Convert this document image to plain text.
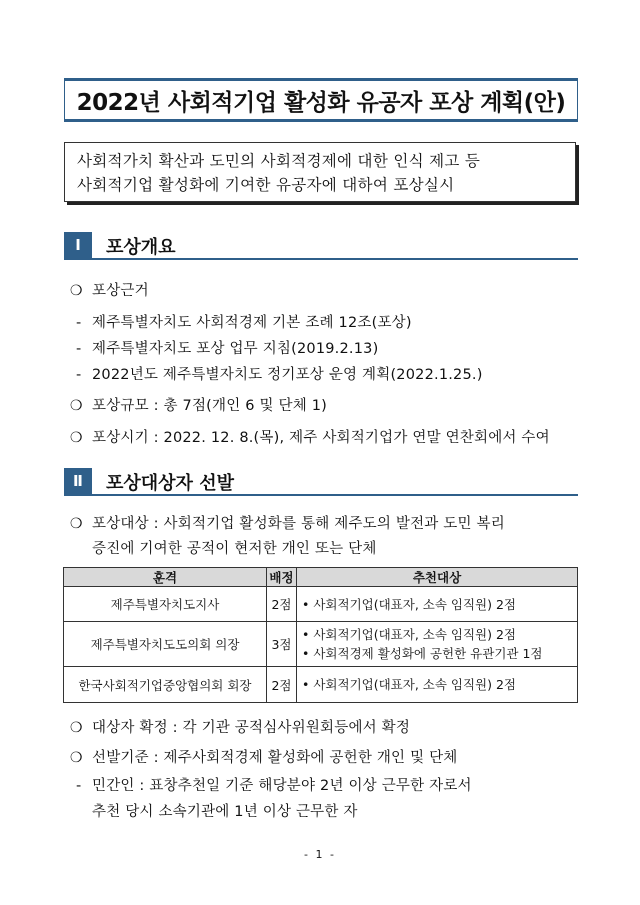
2022년 사회적기업 활성화 유공자 포상 계획(안)
사회적가치 확산과 도민의 사회적경제에 대한 인식 제고 등
사회적기업 활성화에 기여한 유공자에 대하여 포상실시
Ⅰ	포상개요
❍ 포상근거
- 제주특별자치도 사회적경제 기본 조례 12조(포상)
- 제주특별자치도 포상 업무 지침(2019.2.13)
- 2022년도 제주특별자치도 정기포상 운영 계획(2022.1.25.)
❍ 포상규모 : 총 7점(개인 6 및 단체 1)
❍ 포상시기 : 2022. 12. 8.(목), 제주 사회적기업가 연말 연찬회에서 수여
Ⅱ	포상대상자 선발
❍ 포상대상 : 사회적기업 활성화를 통해 제주도의 발전과 도민 복리
증진에 기여한 공적이 현저한 개인 또는 단체
훈격	배정	추천대상
제주특별자치도지사	2점	• 사회적기업(대표자, 소속 임직원) 2점

제주특별자치도도의회 의장	3점	• 사회적기업(대표자, 소속 임직원) 2점
• 사회적경제 활성화에 공헌한 유관기관 1점

한국사회적기업중앙협의회 회장	2점	• 사회적기업(대표자, 소속 임직원) 2점
❍ 대상자 확정 : 각 기관 공적심사위원회등에서 확정
❍ 선발기준 : 제주사회적경제 활성화에 공헌한 개인 및 단체
- 민간인 : 표창추천일 기준 해당분야 2년 이상 근무한 자로서
추천 당시 소속기관에 1년 이상 근무한 자
- 1 -
